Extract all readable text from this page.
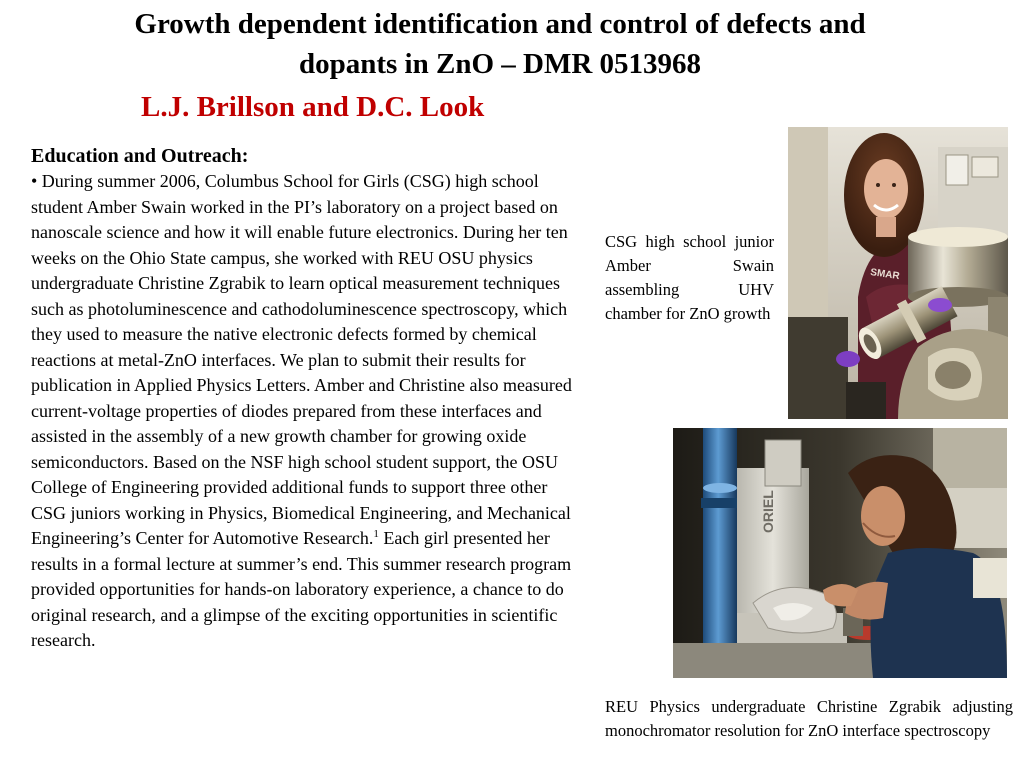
Growth dependent identification and control of defects and
dopants in ZnO – DMR 0513968
L.J. Brillson and D.C. Look
Education and Outreach:

• During summer 2006, Columbus School for Girls (CSG) high school student Amber Swain worked in the PI’s laboratory on a project based on nanoscale science and how it will enable future electronics. During her ten weeks on the Ohio State campus, she worked with REU OSU physics undergraduate Christine Zgrabik to learn optical measurement techniques such as photoluminescence and cathodoluminescence spectroscopy, which they used to measure the native electronic defects formed by chemical reactions at metal-ZnO interfaces. We plan to submit their results for publication in Applied Physics Letters. Amber and Christine also measured current-voltage properties of diodes prepared from these interfaces and assisted in the assembly of a new growth chamber for growing oxide semiconductors. Based on the NSF high school student support, the OSU College of Engineering provided additional funds to support three other CSG juniors working in Physics, Biomedical Engineering, and Mechanical Engineering’s Center for Automotive Research.$^1$ Each girl presented her results in a formal lecture at summer’s end. This summer research program provided opportunities for hands-on laboratory experience, a chance to do original research, and a glimpse of the exciting opportunities in scientific research.

CSG high school junior Amber Swain assembling UHV chamber for ZnO growth
SMAR
ORIEL
REU Physics undergraduate Christine Zgrabik adjusting monochromator resolution for ZnO interface spectroscopy
